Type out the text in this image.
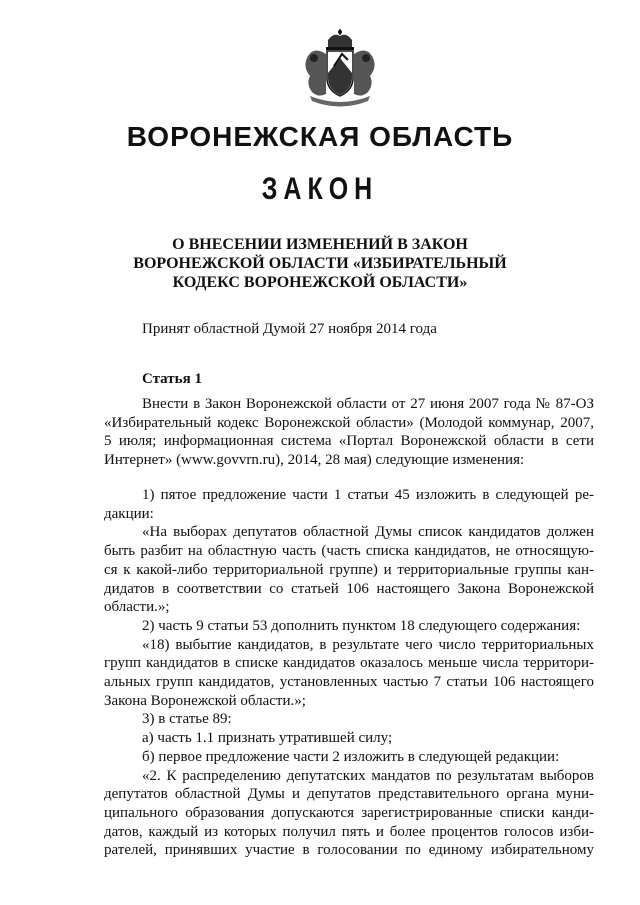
ВОРОНЕЖСКАЯ ОБЛАСТЬ
ЗАКОН
О ВНЕСЕНИИ ИЗМЕНЕНИЙ В ЗАКОН
ВОРОНЕЖСКОЙ ОБЛАСТИ «ИЗБИРАТЕЛЬНЫЙ
КОДЕКС ВОРОНЕЖСКОЙ ОБЛАСТИ»
Принят областной Думой 27 ноября 2014 года
Статья 1
Внести в Закон Воронежской области от 27 июня 2007 года № 87-ОЗ
«Избирательный кодекс Воронежской области» (Молодой коммунар, 2007,
5 июля; информационная система «Портал Воронежской области в сети
Интернет» (www.govvrn.ru), 2014, 28 мая) следующие изменения:
1) пятое предложение части 1 статьи 45 изложить в следующей ре-
дакции:
«На выборах депутатов областной Думы список кандидатов должен
быть разбит на областную часть (часть списка кандидатов, не относящую-
ся к какой-либо территориальной группе) и территориальные группы кан-
дидатов в соответствии со статьей 106 настоящего Закона Воронежской
области.»;
2) часть 9 статьи 53 дополнить пунктом 18 следующего содержания:
«18) выбытие кандидатов, в результате чего число территориальных
групп кандидатов в списке кандидатов оказалось меньше числа территори-
альных групп кандидатов, установленных частью 7 статьи 106 настоящего
Закона Воронежской области.»;
3) в статье 89:
а) часть 1.1 признать утратившей силу;
б) первое предложение части 2 изложить в следующей редакции:
«2. К распределению депутатских мандатов по результатам выборов
депутатов областной Думы и депутатов представительного органа муни-
ципального образования допускаются зарегистрированные списки канди-
датов, каждый из которых получил пять и более процентов голосов изби-
рателей, принявших участие в голосовании по единому избирательному
